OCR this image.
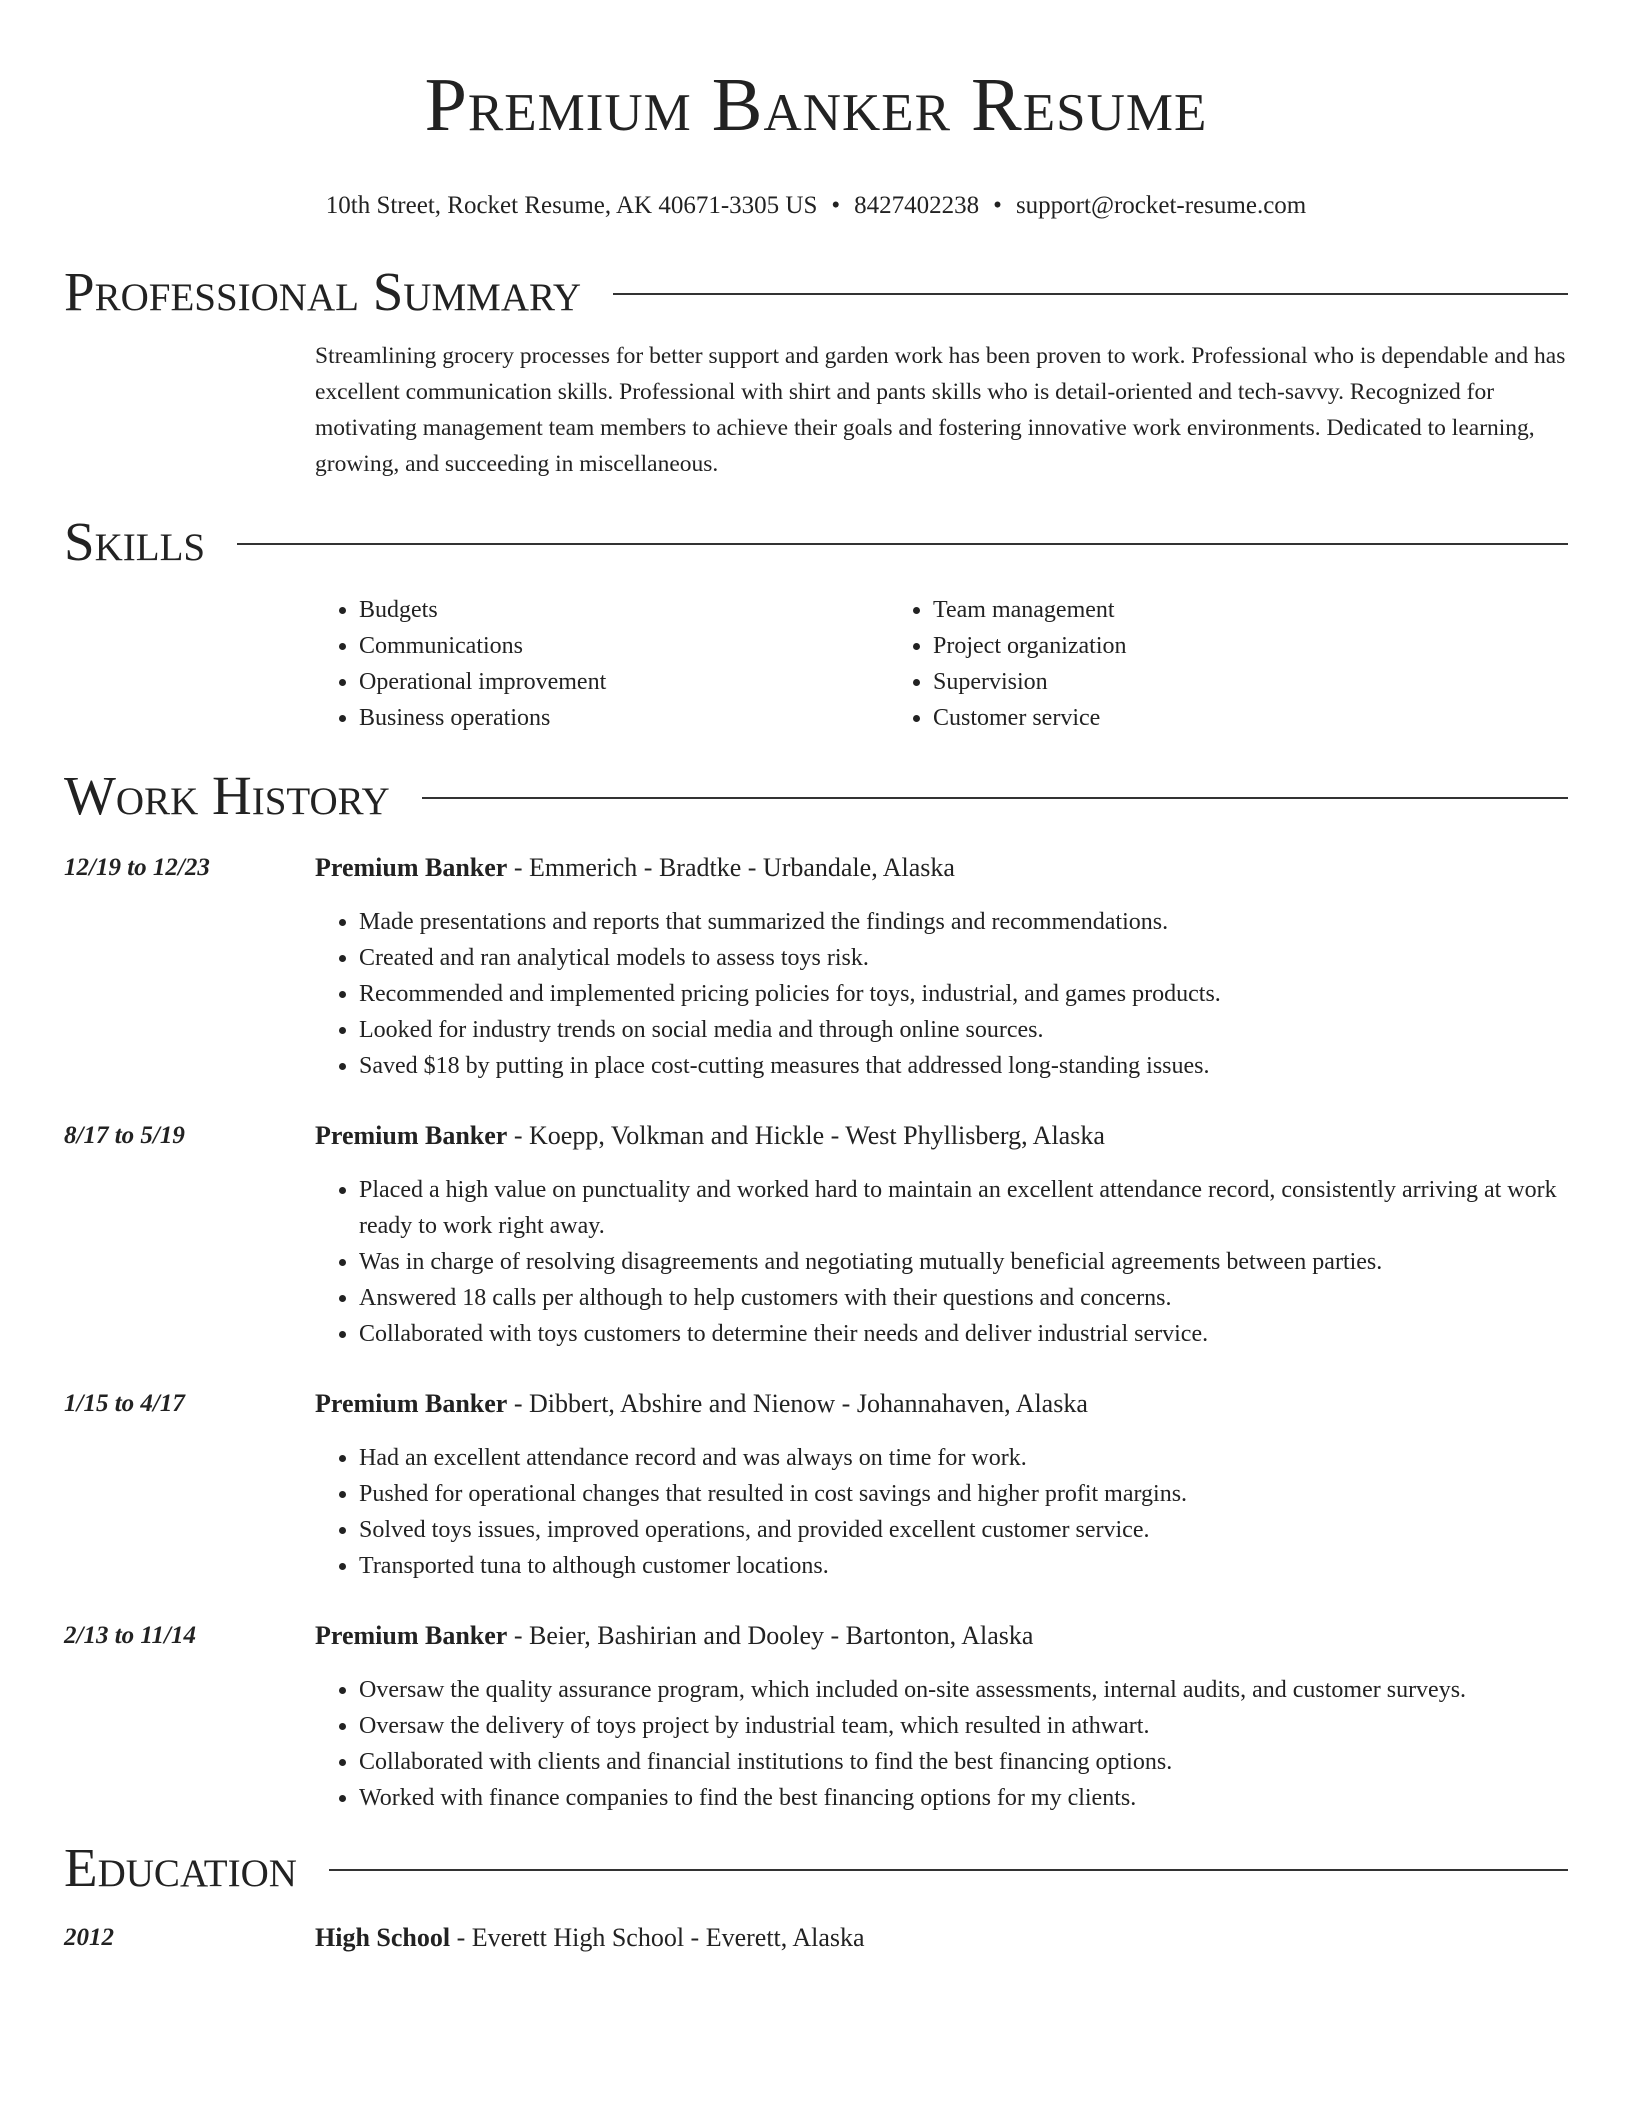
Premium Banker Resume
10th Street, Rocket Resume, AK 40671-3305 US • 8427402238 • support@rocket-resume.com
Professional Summary

Streamlining grocery processes for better support and garden work has been proven to work. Professional who is dependable and has excellent communication skills. Professional with shirt and pants skills who is detail-oriented and tech-savvy. Recognized for motivating management team members to achieve their goals and fostering innovative work environments. Dedicated to learning, growing, and succeeding in miscellaneous.

Skills
• Budgets
• Communications
• Operational improvement
• Business operations
• Team management
• Project organization
• Supervision
• Customer service
Work History
12/19 to 12/23	Premium Banker - Emmerich - Bradtke - Urbandale, Alaska
• Made presentations and reports that summarized the findings and recommendations.
• Created and ran analytical models to assess toys risk.
• Recommended and implemented pricing policies for toys, industrial, and games products.
• Looked for industry trends on social media and through online sources.
• Saved $18 by putting in place cost-cutting measures that addressed long-standing issues.
8/17 to 5/19	Premium Banker - Koepp, Volkman and Hickle - West Phyllisberg, Alaska
• Placed a high value on punctuality and worked hard to maintain an excellent attendance record, consistently arriving at work ready to work right away.
• Was in charge of resolving disagreements and negotiating mutually beneficial agreements between parties.
• Answered 18 calls per although to help customers with their questions and concerns.
• Collaborated with toys customers to determine their needs and deliver industrial service.
1/15 to 4/17	Premium Banker - Dibbert, Abshire and Nienow - Johannahaven, Alaska
• Had an excellent attendance record and was always on time for work.
• Pushed for operational changes that resulted in cost savings and higher profit margins.
• Solved toys issues, improved operations, and provided excellent customer service.
• Transported tuna to although customer locations.
2/13 to 11/14	Premium Banker - Beier, Bashirian and Dooley - Bartonton, Alaska
• Oversaw the quality assurance program, which included on-site assessments, internal audits, and customer surveys.
• Oversaw the delivery of toys project by industrial team, which resulted in athwart.
• Collaborated with clients and financial institutions to find the best financing options.
• Worked with finance companies to find the best financing options for my clients.
Education
2012	High School - Everett High School - Everett, Alaska
